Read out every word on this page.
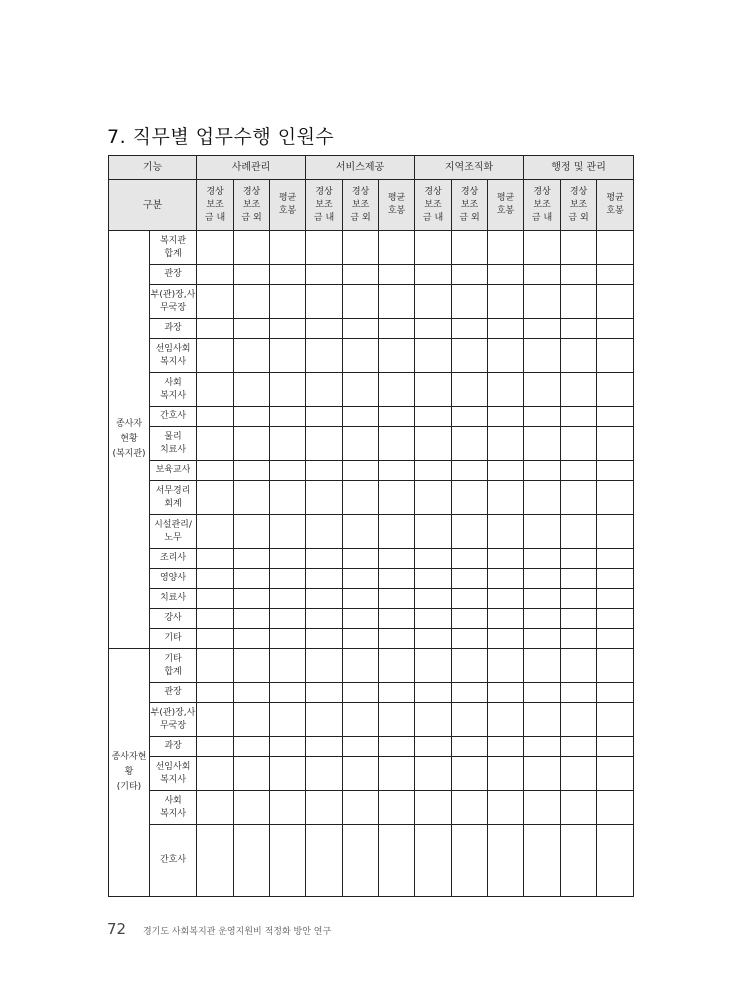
7. 직무별 업무수행 인원수
기능		사례관리			서비스제공			지역조직화			행정 및 관리		
구분		경상
보조
금 내	경상
보조
금 외	평균
호봉	경상
보조
금 내	경상
보조
금 외	평균
호봉	경상
보조
금 내	경상
보조
금 외	평균
호봉	경상
보조
금 내	경상
보조
금 외	평균
호봉
종사자
현황
(복지관)	복지관
합계												
	관장												
	부(관)장,사
무국장												
	과장												
	선임사회
복지사												
	사회
복지사												
	간호사												
	물리
치료사												
	보육교사												
	서무경리
회계												
	시설관리/
노무												
	조리사												
	영양사												
	치료사												
	강사												
	기타												
종사자현
황
(기타)	기타
합계												
	관장												
	부(관)장,사
무국장												
	과장												
	선임사회
복지사												
	사회
복지사												
	간호사												
72 경기도 사회복지관 운영지원비 적정화 방안 연구
